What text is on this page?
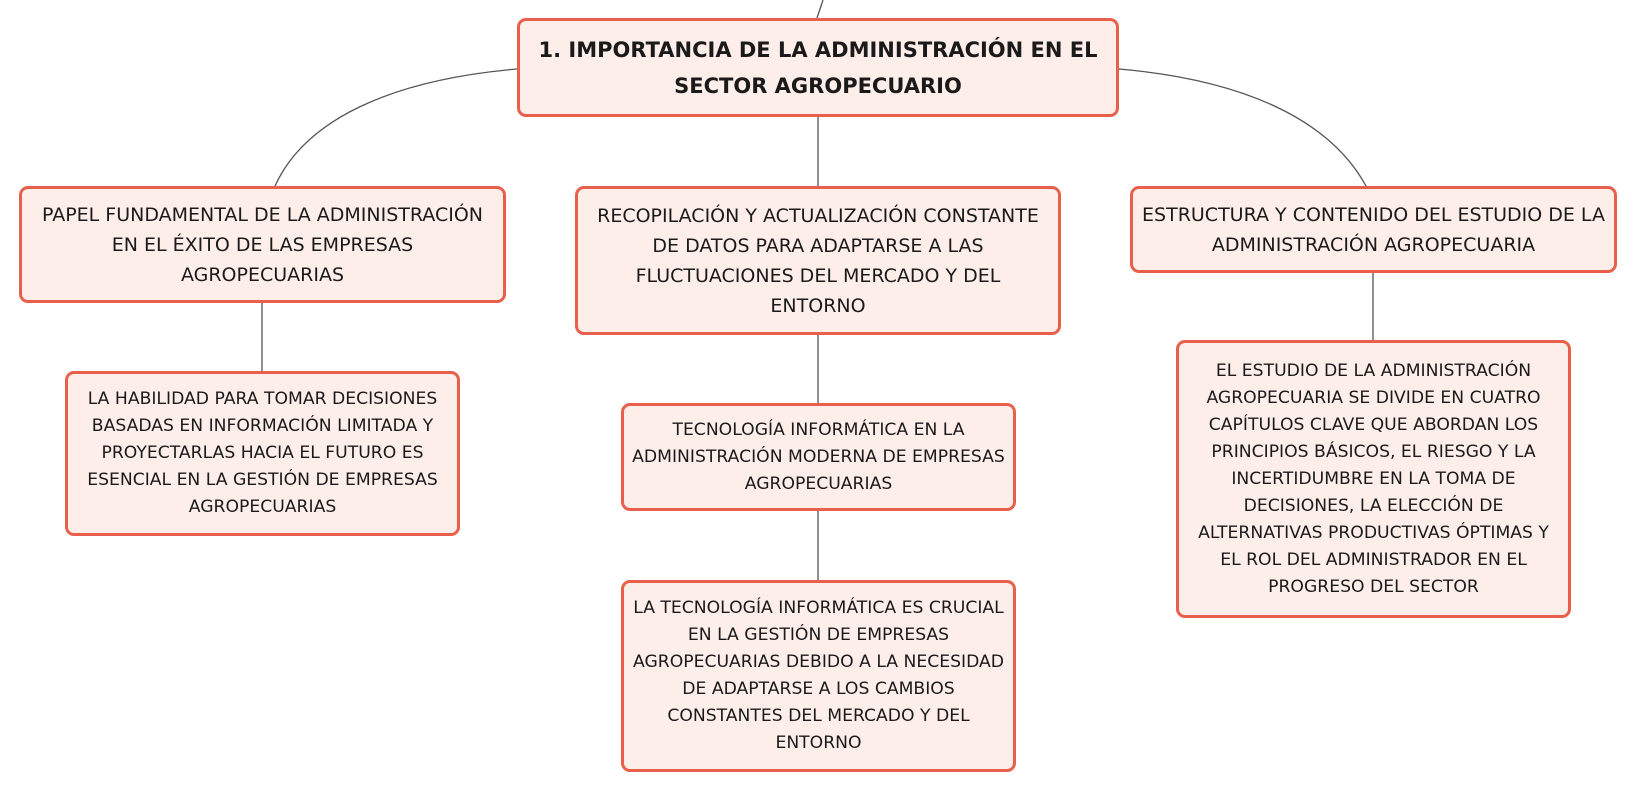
1. IMPORTANCIA DE LA ADMINISTRACIÓN EN EL SECTOR AGROPECUARIO
PAPEL FUNDAMENTAL DE LA ADMINISTRACIÓN EN EL ÉXITO DE LAS EMPRESAS AGROPECUARIAS
RECOPILACIÓN Y ACTUALIZACIÓN CONSTANTE DE DATOS PARA ADAPTARSE A LAS FLUCTUACIONES DEL MERCADO Y DEL ENTORNO
ESTRUCTURA Y CONTENIDO DEL ESTUDIO DE LA ADMINISTRACIÓN AGROPECUARIA
LA HABILIDAD PARA TOMAR DECISIONES BASADAS EN INFORMACIÓN LIMITADA Y PROYECTARLAS HACIA EL FUTURO ES ESENCIAL EN LA GESTIÓN DE EMPRESAS AGROPECUARIAS
TECNOLOGÍA INFORMÁTICA EN LA ADMINISTRACIÓN MODERNA DE EMPRESAS AGROPECUARIAS
LA TECNOLOGÍA INFORMÁTICA ES CRUCIAL EN LA GESTIÓN DE EMPRESAS AGROPECUARIAS DEBIDO A LA NECESIDAD DE ADAPTARSE A LOS CAMBIOS CONSTANTES DEL MERCADO Y DEL ENTORNO
EL ESTUDIO DE LA ADMINISTRACIÓN AGROPECUARIA SE DIVIDE EN CUATRO CAPÍTULOS CLAVE QUE ABORDAN LOS PRINCIPIOS BÁSICOS, EL RIESGO Y LA INCERTIDUMBRE EN LA TOMA DE DECISIONES, LA ELECCIÓN DE ALTERNATIVAS PRODUCTIVAS ÓPTIMAS Y EL ROL DEL ADMINISTRADOR EN EL PROGRESO DEL SECTOR
